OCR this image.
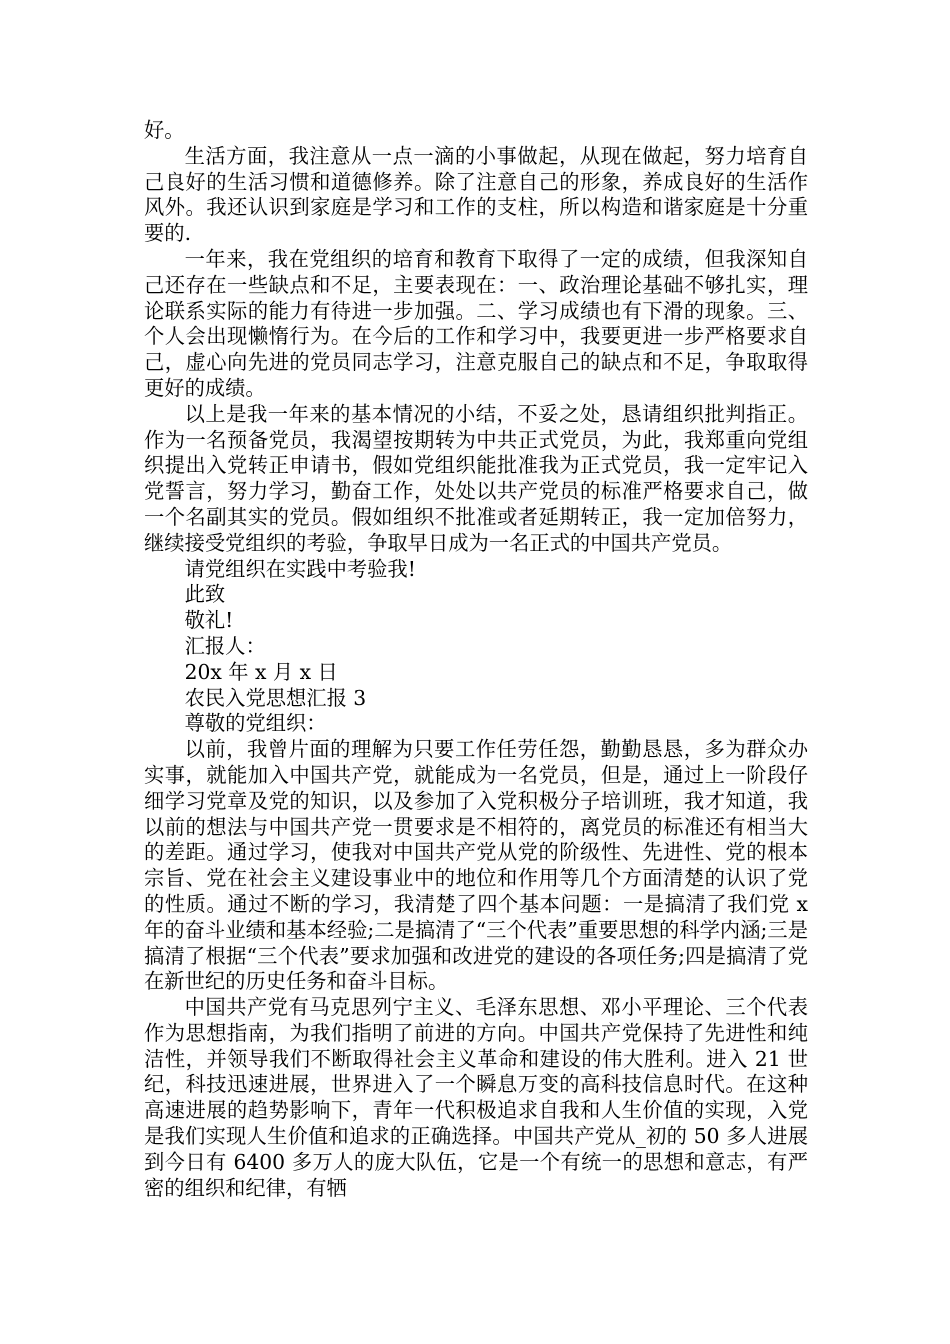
好。

生活方面，我注意从一点一滴的小事做起，从现在做起，努力培育自己良好的生活习惯和道德修养。除了注意自己的形象，养成良好的生活作风外。我还认识到家庭是学习和工作的支柱，所以构造和谐家庭是十分重要的.

一年来，我在党组织的培育和教育下取得了一定的成绩，但我深知自己还存在一些缺点和不足，主要表现在：一、政治理论基础不够扎实，理论联系实际的能力有待进一步加强。二、学习成绩也有下滑的现象。三、个人会出现懒惰行为。在今后的工作和学习中，我要更进一步严格要求自己，虚心向先进的党员同志学习，注意克服自己的缺点和不足，争取取得更好的成绩。

以上是我一年来的基本情况的小结，不妥之处，恳请组织批判指正。作为一名预备党员，我渴望按期转为中共正式党员，为此，我郑重向党组织提出入党转正申请书，假如党组织能批准我为正式党员，我一定牢记入党誓言，努力学习，勤奋工作，处处以共产党员的标准严格要求自己，做一个名副其实的党员。假如组织不批准或者延期转正，我一定加倍努力，继续接受党组织的考验，争取早日成为一名正式的中国共产党员。

请党组织在实践中考验我!

此致

敬礼!

汇报人：

20x 年 x 月 x 日

农民入党思想汇报 3

尊敬的党组织：

以前，我曾片面的理解为只要工作任劳任怨，勤勤恳恳，多为群众办实事，就能加入中国共产党，就能成为一名党员，但是，通过上一阶段仔细学习党章及党的知识，以及参加了入党积极分子培训班，我才知道，我以前的想法与中国共产党一贯要求是不相符的，离党员的标准还有相当大的差距。通过学习，使我对中国共产党从党的阶级性、先进性、党的根本宗旨、党在社会主义建设事业中的地位和作用等几个方面清楚的认识了党的性质。通过不断的学习，我清楚了四个基本问题：一是搞清了我们党 x 年的奋斗业绩和基本经验;二是搞清了“三个代表”重要思想的科学内涵;三是搞清了根据“三个代表”要求加强和改进党的建设的各项任务;四是搞清了党在新世纪的历史任务和奋斗目标。

中国共产党有马克思列宁主义、毛泽东思想、邓小平理论、三个代表作为思想指南，为我们指明了前进的方向。中国共产党保持了先进性和纯洁性，并领导我们不断取得社会主义革命和建设的伟大胜利。进入 21 世纪，科技迅速进展，世界进入了一个瞬息万变的高科技信息时代。在这种高速进展的趋势影响下，青年一代积极追求自我和人生价值的实现，入党是我们实现人生价值和追求的正确选择。中国共产党从_初的 50 多人进展到今日有 6400 多万人的庞大队伍，它是一个有统一的思想和意志，有严密的组织和纪律，有牺
